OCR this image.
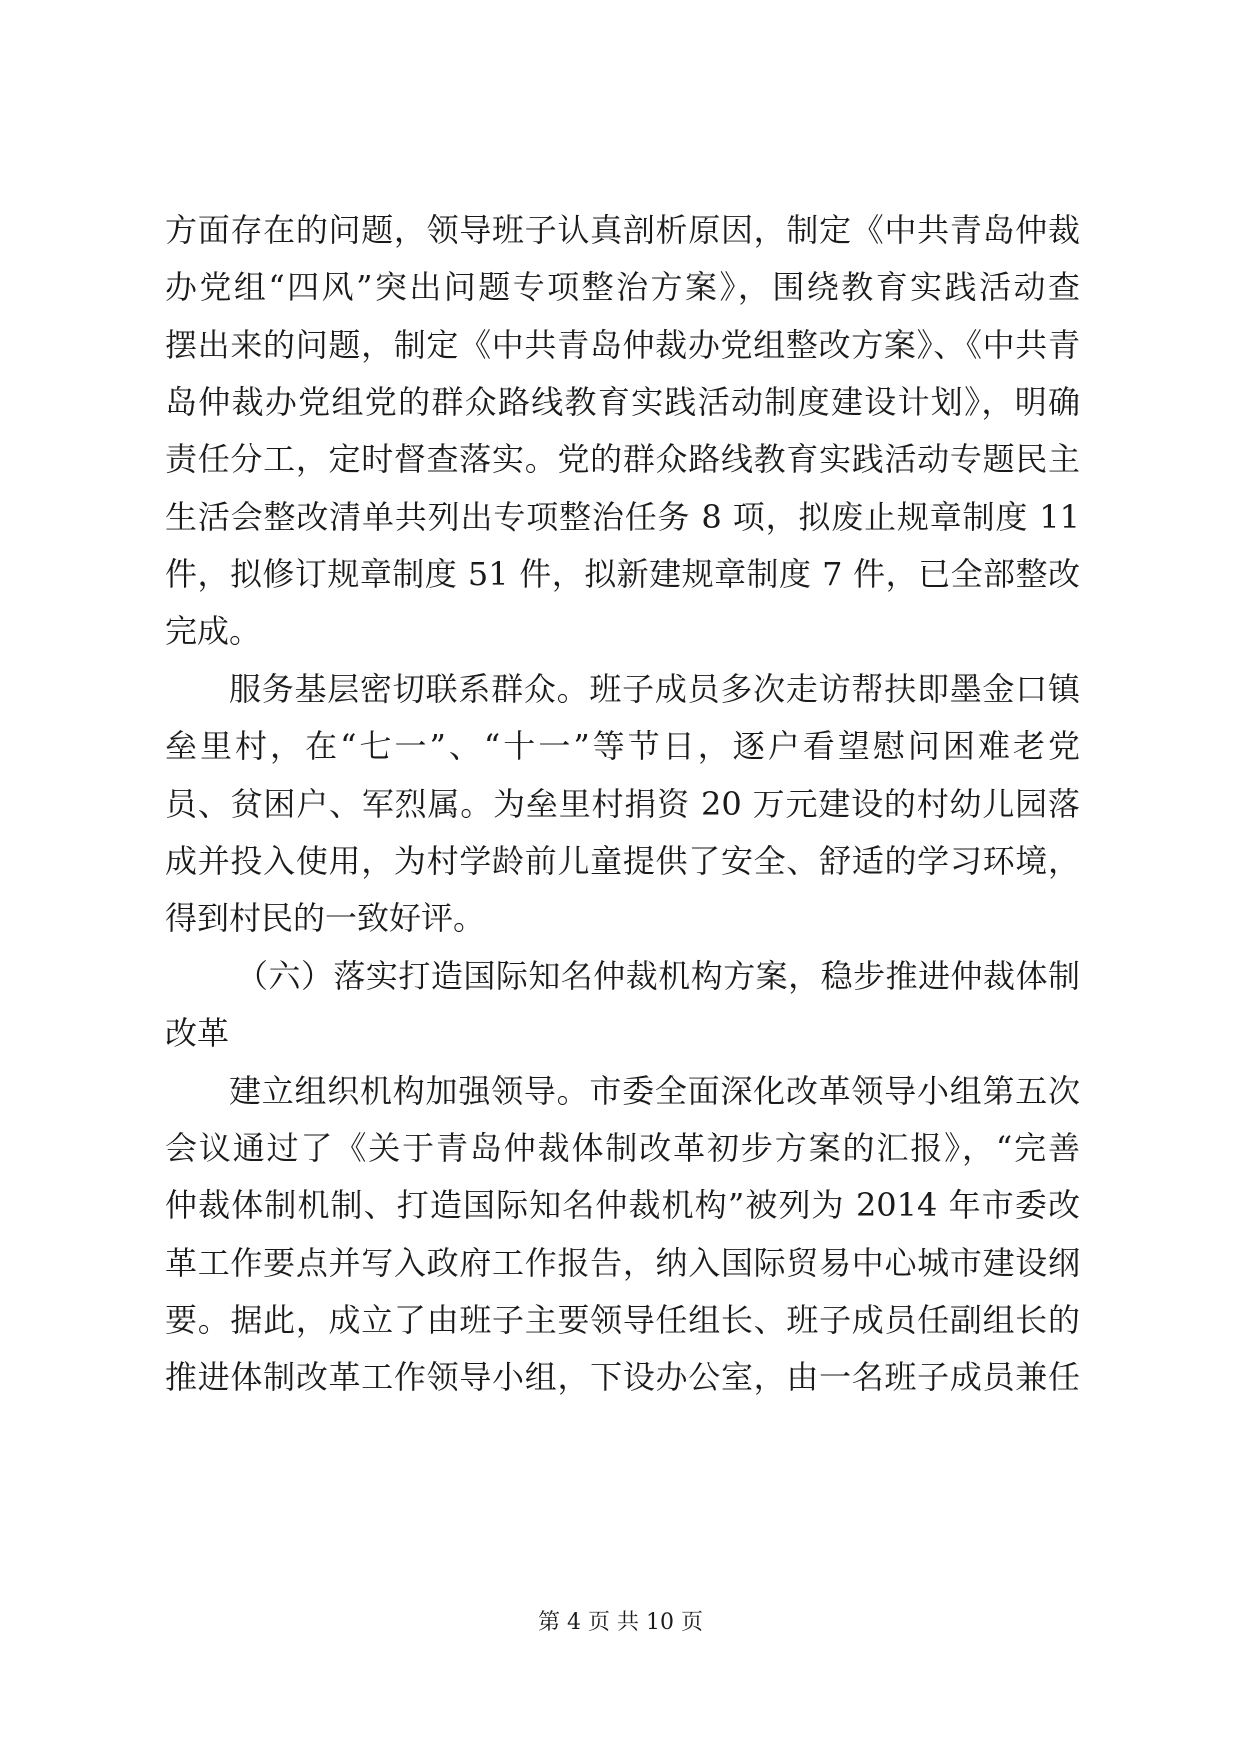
方面存在的问题，领导班子认真剖析原因，制定《中共青岛仲裁
办党组“四风”突出问题专项整治方案》，围绕教育实践活动查
摆出来的问题，制定《中共青岛仲裁办党组整改方案》、《中共青
岛仲裁办党组党的群众路线教育实践活动制度建设计划》，明确
责任分工，定时督查落实。党的群众路线教育实践活动专题民主
生活会整改清单共列出专项整治任务 8 项，拟废止规章制度 11
件，拟修订规章制度 51 件，拟新建规章制度 7 件，已全部整改
完成。
服务基层密切联系群众。班子成员多次走访帮扶即墨金口镇
垒里村，在“七一”、“十一”等节日，逐户看望慰问困难老党
员、贫困户、军烈属。为垒里村捐资 20 万元建设的村幼儿园落
成并投入使用，为村学龄前儿童提供了安全、舒适的学习环境，
得到村民的一致好评。
（六）落实打造国际知名仲裁机构方案，稳步推进仲裁体制
改革
建立组织机构加强领导。市委全面深化改革领导小组第五次
会议通过了《关于青岛仲裁体制改革初步方案的汇报》，“完善
仲裁体制机制、打造国际知名仲裁机构”被列为 2014 年市委改
革工作要点并写入政府工作报告，纳入国际贸易中心城市建设纲
要。据此，成立了由班子主要领导任组长、班子成员任副组长的
推进体制改革工作领导小组，下设办公室，由一名班子成员兼任
第 4 页 共 10 页
